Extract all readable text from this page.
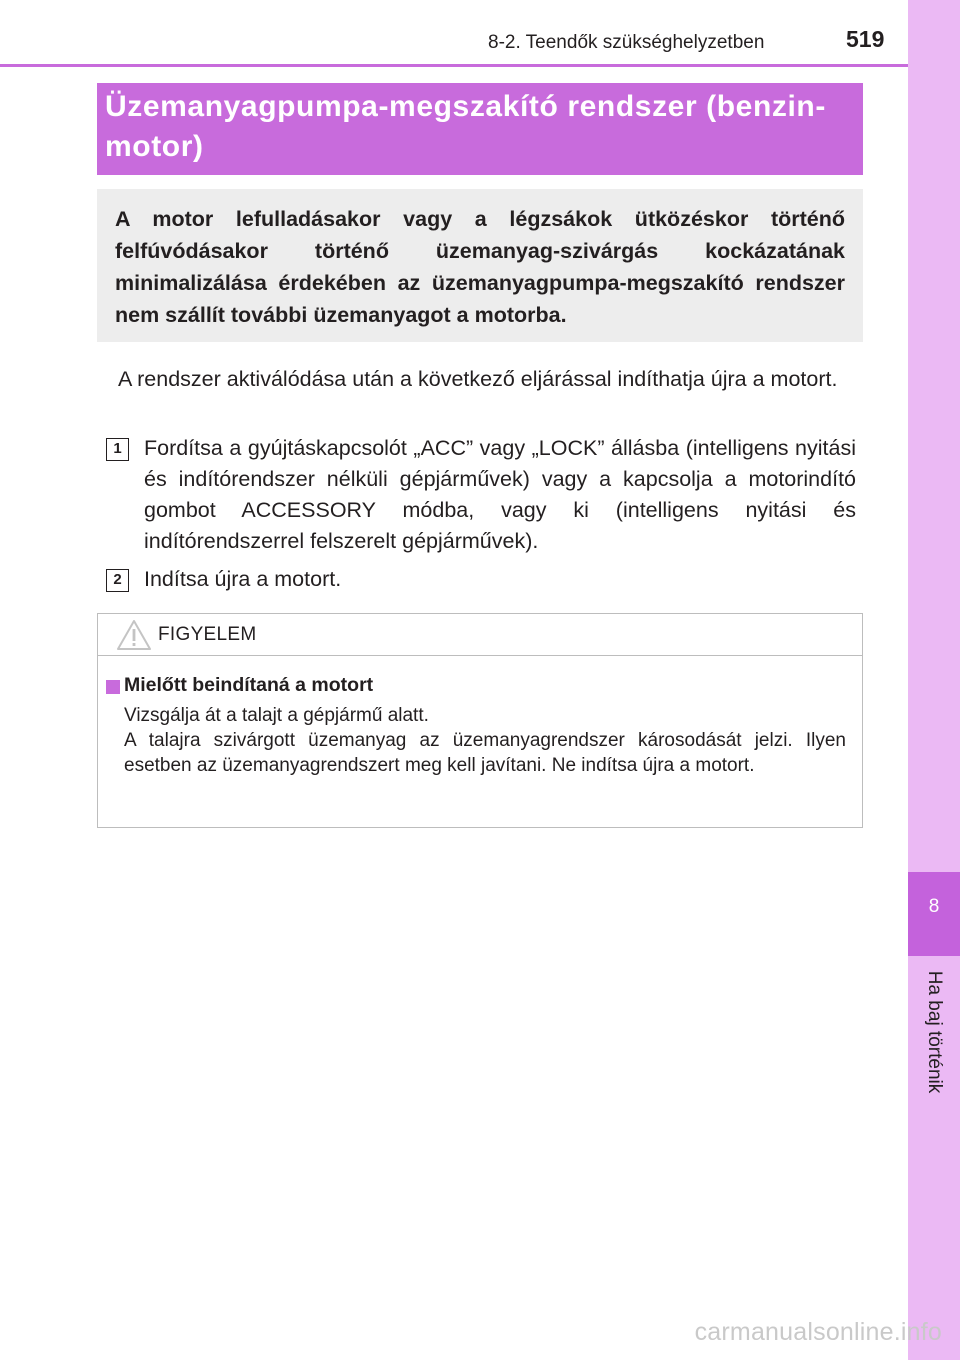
8-2. Teendők szükséghelyzetben	519
8
Ha baj történik
Üzemanyagpumpa-megszakító rendszer (benzin-
motor)

A motor lefulladásakor vagy a légzsákok ütközéskor történő felfúvódásakor történő üzemanyag-szivárgás kockázatának minimalizálása érdekében az üzemanyagpumpa-megszakító rendszer nem szállít további üzemanyagot a motorba.

A rendszer aktiválódása után a következő eljárással indíthatja újra a motort.

1	Fordítsa a gyújtáskapcsolót „ACC” vagy „LOCK” állásba (intelligens nyitási és indítórendszer nélküli gépjárművek) vagy a kapcsolja a motorindító gombot ACCESSORY módba, vagy ki (intelligens nyitási és indítórendszerrel felszerelt gépjárművek).

2	Indítsa újra a motort.

FIGYELEM

Mielőtt beindítaná a motort

Vizsgálja át a talajt a gépjármű alatt.
A talajra szivárgott üzemanyag az üzemanyagrendszer károsodását jelzi. Ilyen esetben az üzemanyagrendszert meg kell javítani. Ne indítsa újra a motort.

carmanualsonline.info
